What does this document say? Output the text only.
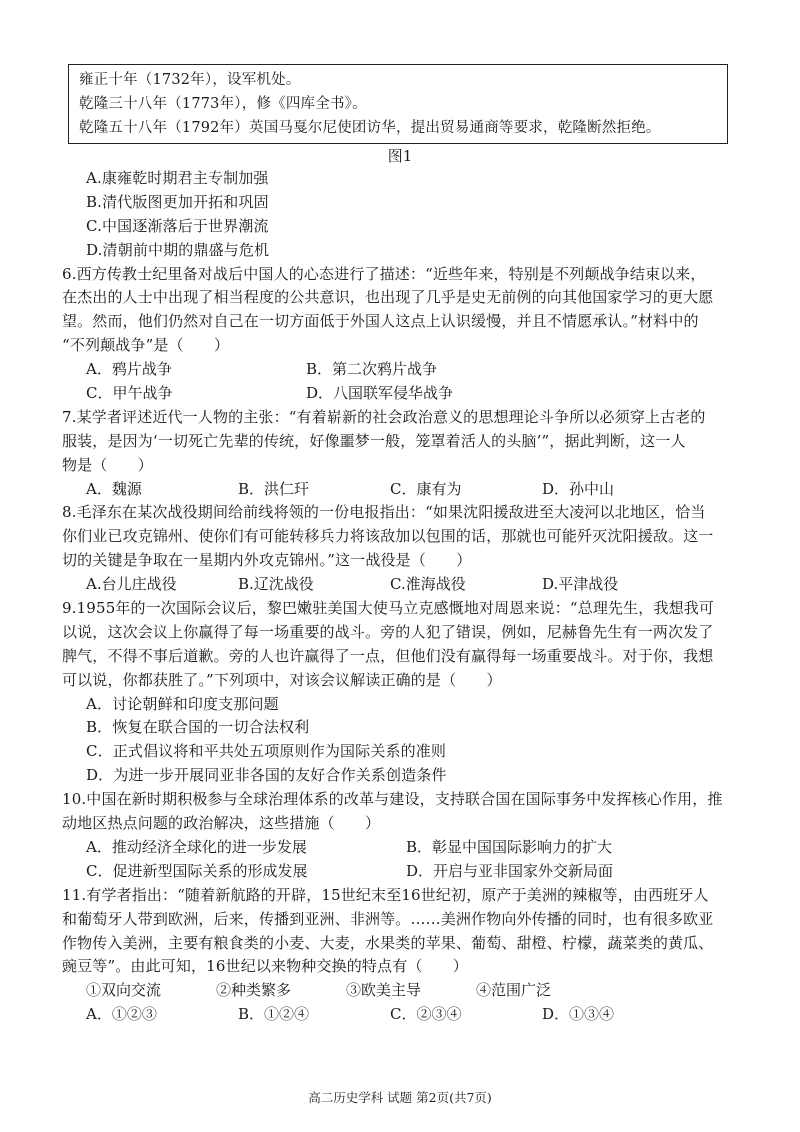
雍正十年（1732年），设军机处。
乾隆三十八年（1773年），修《四库全书》。
乾隆五十八年（1792年）英国马戛尔尼使团访华，提出贸易通商等要求，乾隆断然拒绝。
图1
A.康雍乾时期君主专制加强
B.清代版图更加开拓和巩固
C.中国逐渐落后于世界潮流
D.清朝前中期的鼎盛与危机
6.西方传教士纪里备对战后中国人的心态进行了描述：“近些年来，特别是不列颠战争结束以来，
在杰出的人士中出现了相当程度的公共意识，也出现了几乎是史无前例的向其他国家学习的更大愿
望。然而，他们仍然对自己在一切方面低于外国人这点上认识缓慢，并且不情愿承认。”材料中的
“不列颠战争”是（　　）
A．鸦片战争	B．第二次鸦片战争
C．甲午战争	D．八国联军侵华战争
7.某学者评述近代一人物的主张：“有着崭新的社会政治意义的思想理论斗争所以必须穿上古老的
服装，是因为‘一切死亡先辈的传统，好像噩梦一般，笼罩着活人的头脑’”，据此判断，这一人
物是（　　）
A．魏源	B．洪仁玕	C．康有为	D．孙中山
8.毛泽东在某次战役期间给前线将领的一份电报指出：“如果沈阳援敌进至大凌河以北地区，恰当
你们业已攻克锦州、使你们有可能转移兵力将该敌加以包围的话，那就也可能歼灭沈阳援敌。这一
切的关键是争取在一星期内外攻克锦州。”这一战役是（　　）
A.台儿庄战役	B.辽沈战役	C.淮海战役	D.平津战役
9.1955年的一次国际会议后，黎巴嫩驻美国大使马立克感慨地对周恩来说：“总理先生，我想我可
以说，这次会议上你赢得了每一场重要的战斗。旁的人犯了错误，例如，尼赫鲁先生有一两次发了
脾气，不得不事后道歉。旁的人也许赢得了一点，但他们没有赢得每一场重要战斗。对于你，我想
可以说，你都获胜了。”下列项中，对该会议解读正确的是（　　）
A．讨论朝鲜和印度支那问题
B．恢复在联合国的一切合法权利
C．正式倡议将和平共处五项原则作为国际关系的准则
D．为进一步开展同亚非各国的友好合作关系创造条件
10.中国在新时期积极参与全球治理体系的改革与建设，支持联合国在国际事务中发挥核心作用，推
动地区热点问题的政治解决，这些措施（　　）
A．推动经济全球化的进一步发展	B．彰显中国国际影响力的扩大
C．促进新型国际关系的形成发展	D．开启与亚非国家外交新局面
11.有学者指出：“随着新航路的开辟，15世纪末至16世纪初，原产于美洲的辣椒等，由西班牙人
和葡萄牙人带到欧洲，后来，传播到亚洲、非洲等。……美洲作物向外传播的同时，也有很多欧亚
作物传入美洲，主要有粮食类的小麦、大麦，水果类的苹果、葡萄、甜橙、柠檬，蔬菜类的黄瓜、
豌豆等”。由此可知，16世纪以来物种交换的特点有（　　）
①双向交流	②种类繁多	③欧美主导	④范围广泛
A．①②③	B．①②④	C．②③④	D．①③④
高二历史学科 试题 第2页(共7页)
